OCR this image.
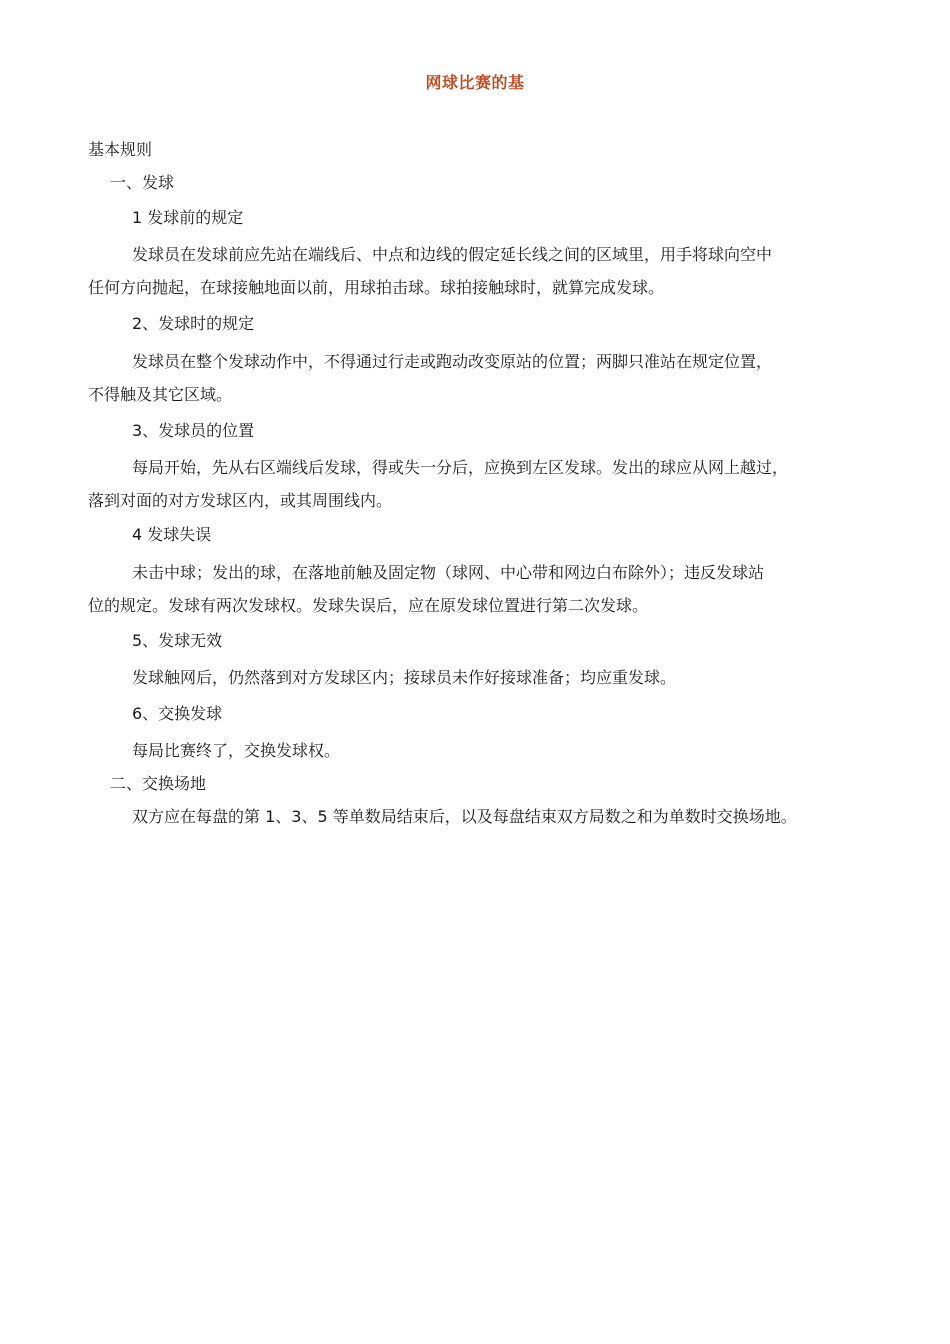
网球比赛的基
基本规则
一、发球
1 发球前的规定
发球员在发球前应先站在端线后、中点和边线的假定延长线之间的区域里，用手将球向空中
任何方向抛起，在球接触地面以前，用球拍击球。球拍接触球时，就算完成发球。
2、发球时的规定
发球员在整个发球动作中，不得通过行走或跑动改变原站的位置；两脚只准站在规定位置，
不得触及其它区域。
3、发球员的位置
每局开始，先从右区端线后发球，得或失一分后，应换到左区发球。发出的球应从网上越过，
落到对面的对方发球区内，或其周围线内。
4 发球失误
未击中球；发出的球，在落地前触及固定物（球网、中心带和网边白布除外）；违反发球站
位的规定。发球有两次发球权。发球失误后，应在原发球位置进行第二次发球。
5、发球无效
发球触网后，仍然落到对方发球区内；接球员未作好接球准备；均应重发球。
6、交换发球
每局比赛终了，交换发球权。
二、交换场地
双方应在每盘的第 1、3、5 等单数局结束后，以及每盘结束双方局数之和为单数时交换场地。
